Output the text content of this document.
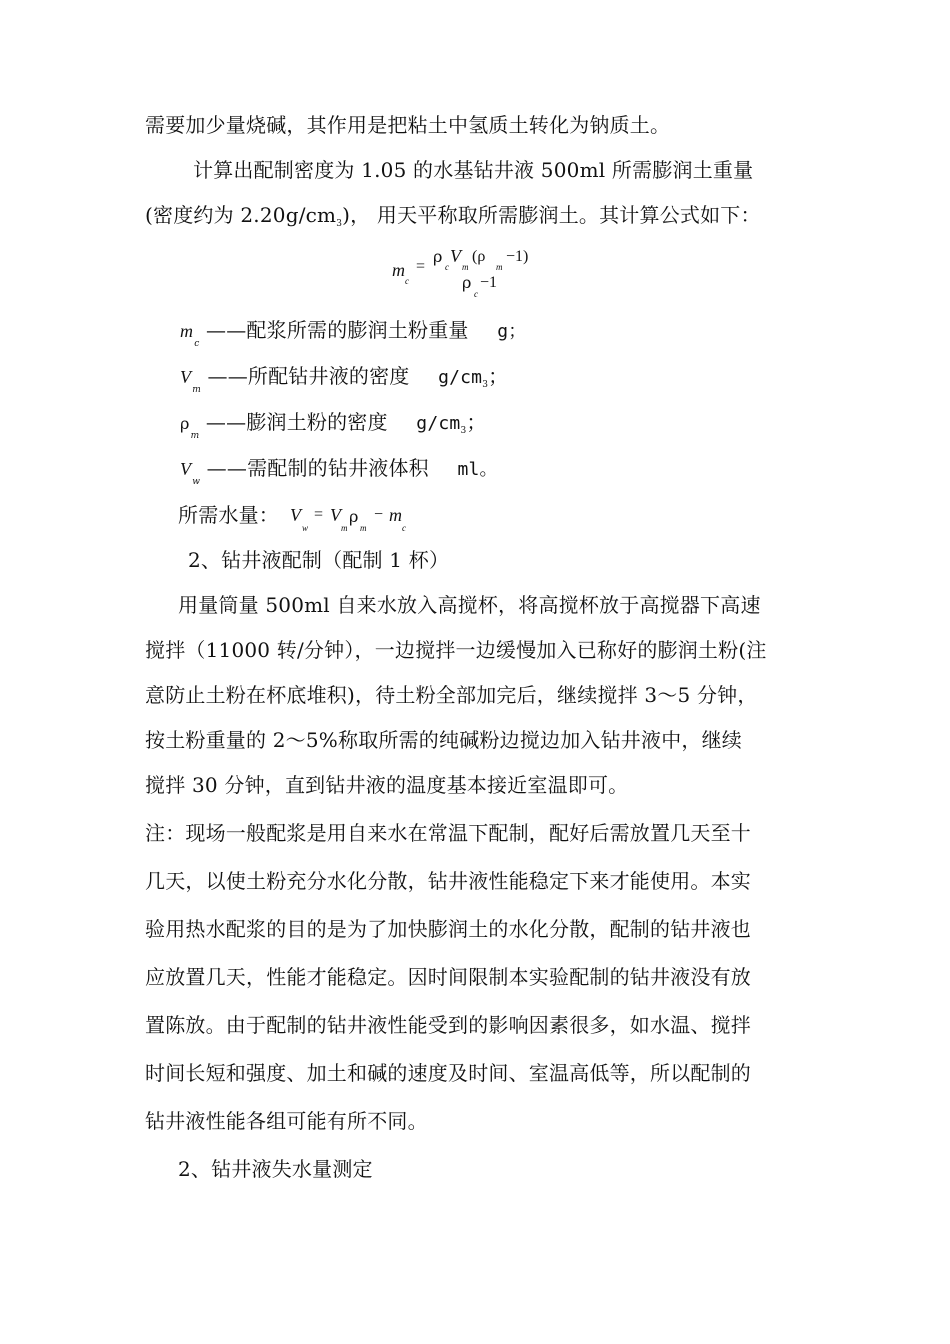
需要加少量烧碱，其作用是把粘土中氢质土转化为钠质土。
计算出配制密度为 1.05 的水基钻井液 500ml 所需膨润土重量
(密度约为 $2.20g/cm_3$)， 用天平称取所需膨润土。其计算公式如下：
m
c
=
ρ
c
V
m
(ρ
m
−1)
ρ
c
−1
$m_c$ ——配浆所需的膨润土粉重量 g；
$V_m$ ——所配钻井液的密度 $g/cm_3$；
$\rho_m$ ——膨润土粉的密度 $g/cm_3$；
$V_w$ ——需配制的钻井液体积 ml。
所需水量： V
w
= V
m
ρ
m
− m
c
2、钻井液配制（配制 1 杯）
用量筒量 500ml 自来水放入高搅杯，将高搅杯放于高搅器下高速
搅拌（11000 转/分钟），一边搅拌一边缓慢加入已称好的膨润土粉(注
意防止土粉在杯底堆积)，待土粉全部加完后，继续搅拌 3～5 分钟，
按土粉重量的 2～5%称取所需的纯碱粉边搅边加入钻井液中，继续
搅拌 30 分钟，直到钻井液的温度基本接近室温即可。
注：现场一般配浆是用自来水在常温下配制，配好后需放置几天至十
几天，以使土粉充分水化分散，钻井液性能稳定下来才能使用。本实
验用热水配浆的目的是为了加快膨润土的水化分散，配制的钻井液也
应放置几天，性能才能稳定。因时间限制本实验配制的钻井液没有放
置陈放。由于配制的钻井液性能受到的影响因素很多，如水温、搅拌
时间长短和强度、加土和碱的速度及时间、室温高低等，所以配制的
钻井液性能各组可能有所不同。
2、钻井液失水量测定
